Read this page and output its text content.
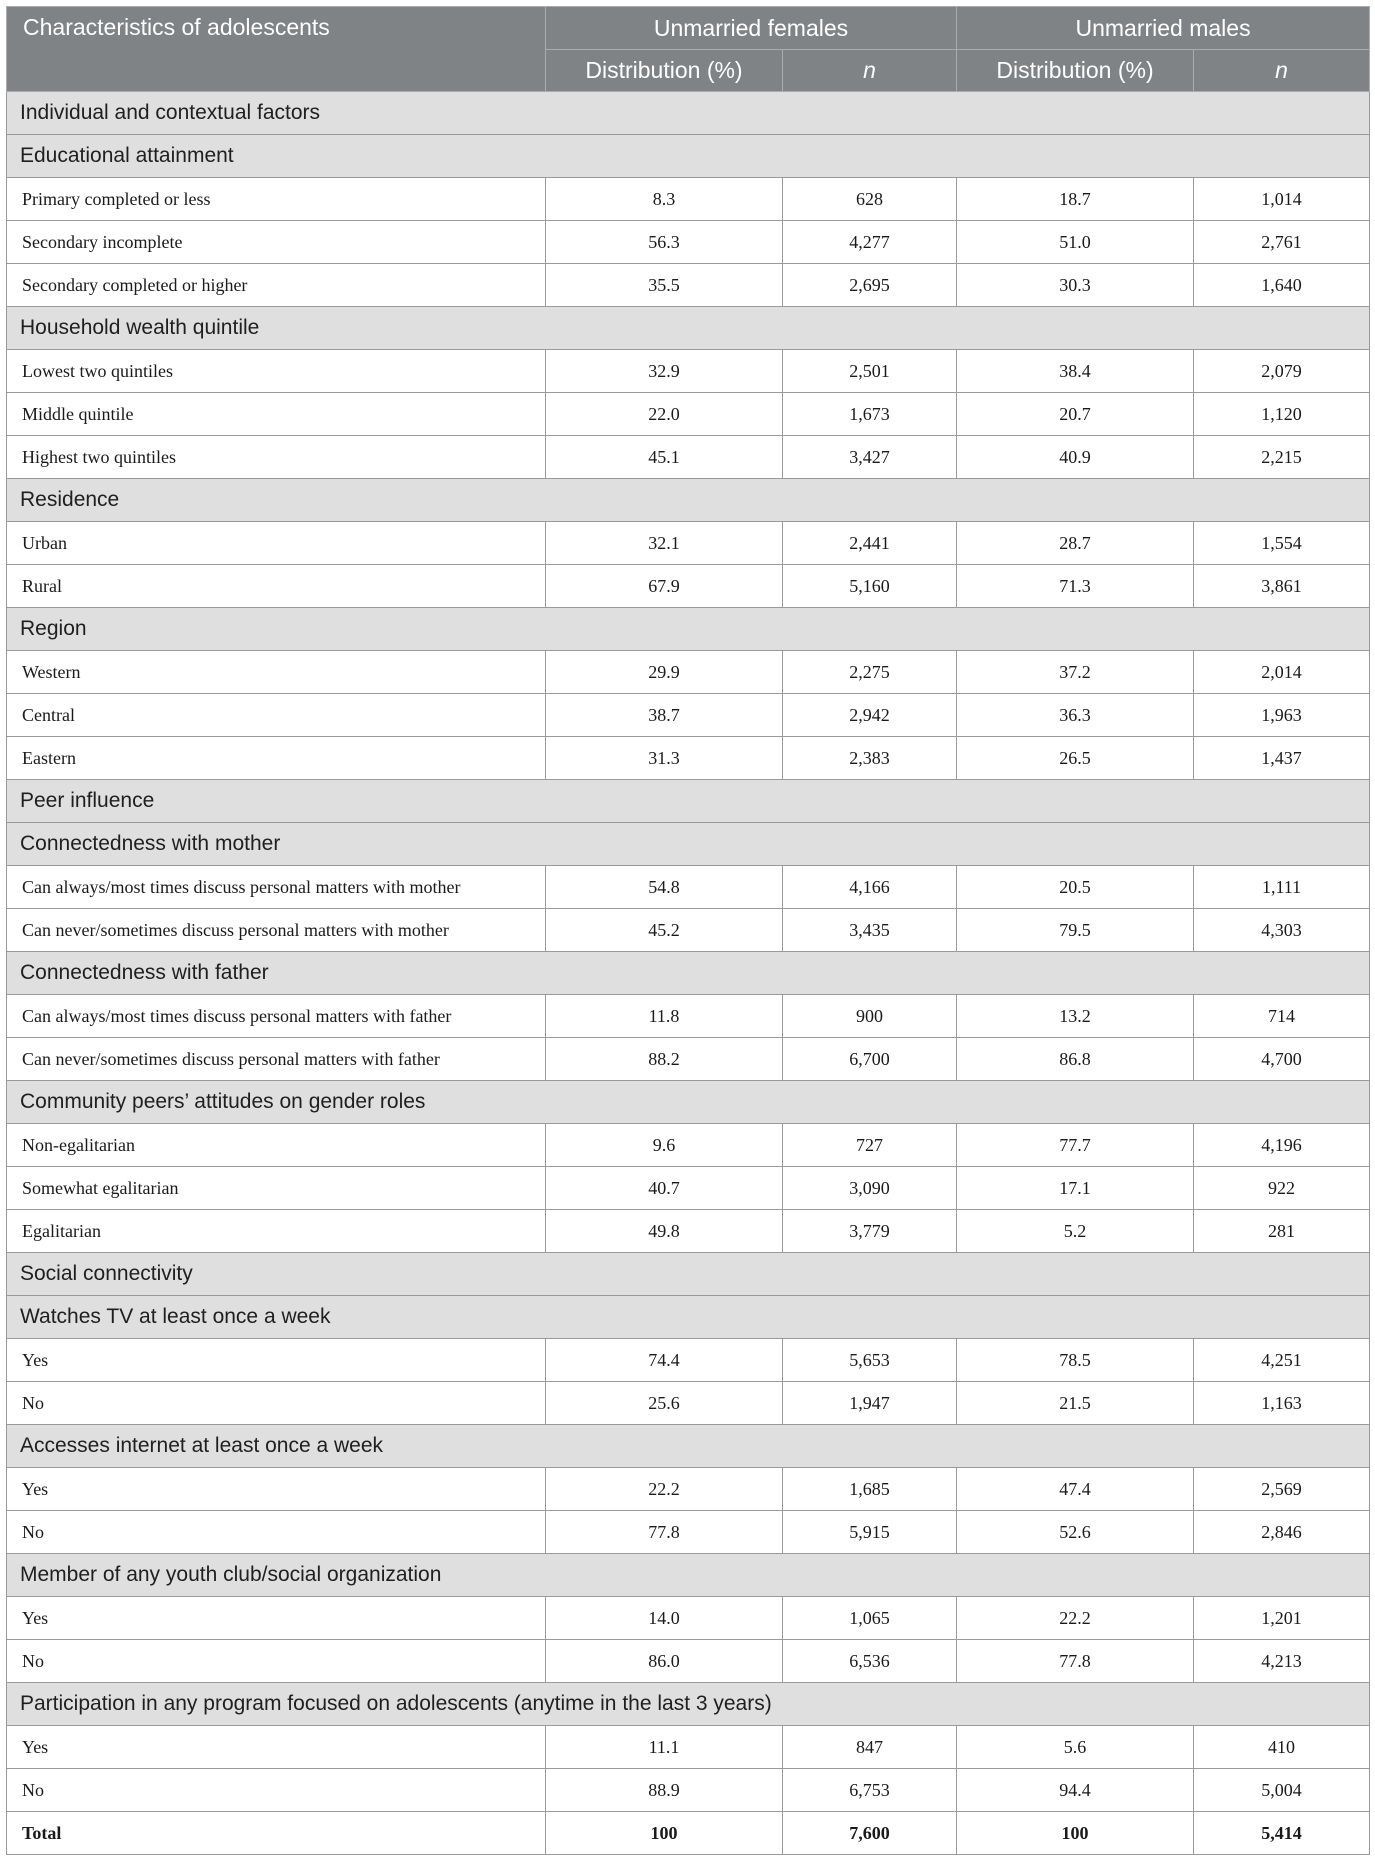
Characteristics of adolescents	Unmarried females		Unmarried males	
	Distribution (%)	n	Distribution (%)	n
Individual and contextual factors				
Educational attainment				
Primary completed or less	8.3	628	18.7	1,014
Secondary incomplete	56.3	4,277	51.0	2,761
Secondary completed or higher	35.5	2,695	30.3	1,640
Household wealth quintile				
Lowest two quintiles	32.9	2,501	38.4	2,079
Middle quintile	22.0	1,673	20.7	1,120
Highest two quintiles	45.1	3,427	40.9	2,215
Residence				
Urban	32.1	2,441	28.7	1,554
Rural	67.9	5,160	71.3	3,861
Region				
Western	29.9	2,275	37.2	2,014
Central	38.7	2,942	36.3	1,963
Eastern	31.3	2,383	26.5	1,437
Peer influence				
Connectedness with mother				
Can always/most times discuss personal matters with mother	54.8	4,166	20.5	1,111
Can never/sometimes discuss personal matters with mother	45.2	3,435	79.5	4,303
Connectedness with father				
Can always/most times discuss personal matters with father	11.8	900	13.2	714
Can never/sometimes discuss personal matters with father	88.2	6,700	86.8	4,700
Community peers’ attitudes on gender roles				
Non-egalitarian	9.6	727	77.7	4,196
Somewhat egalitarian	40.7	3,090	17.1	922
Egalitarian	49.8	3,779	5.2	281
Social connectivity				
Watches TV at least once a week				
Yes	74.4	5,653	78.5	4,251
No	25.6	1,947	21.5	1,163
Accesses internet at least once a week				
Yes	22.2	1,685	47.4	2,569
No	77.8	5,915	52.6	2,846
Member of any youth club/social organization				
Yes	14.0	1,065	22.2	1,201
No	86.0	6,536	77.8	4,213
Participation in any program focused on adolescents (anytime in the last 3 years)				
Yes	11.1	847	5.6	410
No	88.9	6,753	94.4	5,004
Total	100	7,600	100	5,414
